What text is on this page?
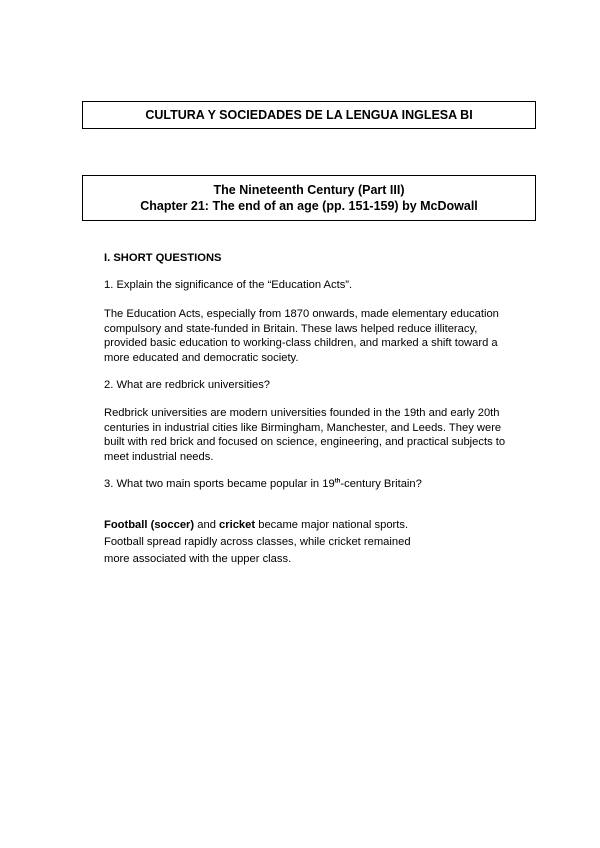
CULTURA Y SOCIEDADES DE LA LENGUA INGLESA BI
The Nineteenth Century (Part III)
Chapter 21: The end of an age (pp. 151-159) by McDowall
I. SHORT QUESTIONS
1. Explain the significance of the “Education Acts”.
The Education Acts, especially from 1870 onwards, made elementary education
compulsory and state-funded in Britain. These laws helped reduce illiteracy,
provided basic education to working-class children, and marked a shift toward a
more educated and democratic society.
2. What are redbrick universities?
Redbrick universities are modern universities founded in the 19th and early 20th
centuries in industrial cities like Birmingham, Manchester, and Leeds. They were
built with red brick and focused on science, engineering, and practical subjects to
meet industrial needs.
3. What two main sports became popular in 19th-century Britain?
Football (soccer) and cricket became major national sports.
Football spread rapidly across classes, while cricket remained
more associated with the upper class.
